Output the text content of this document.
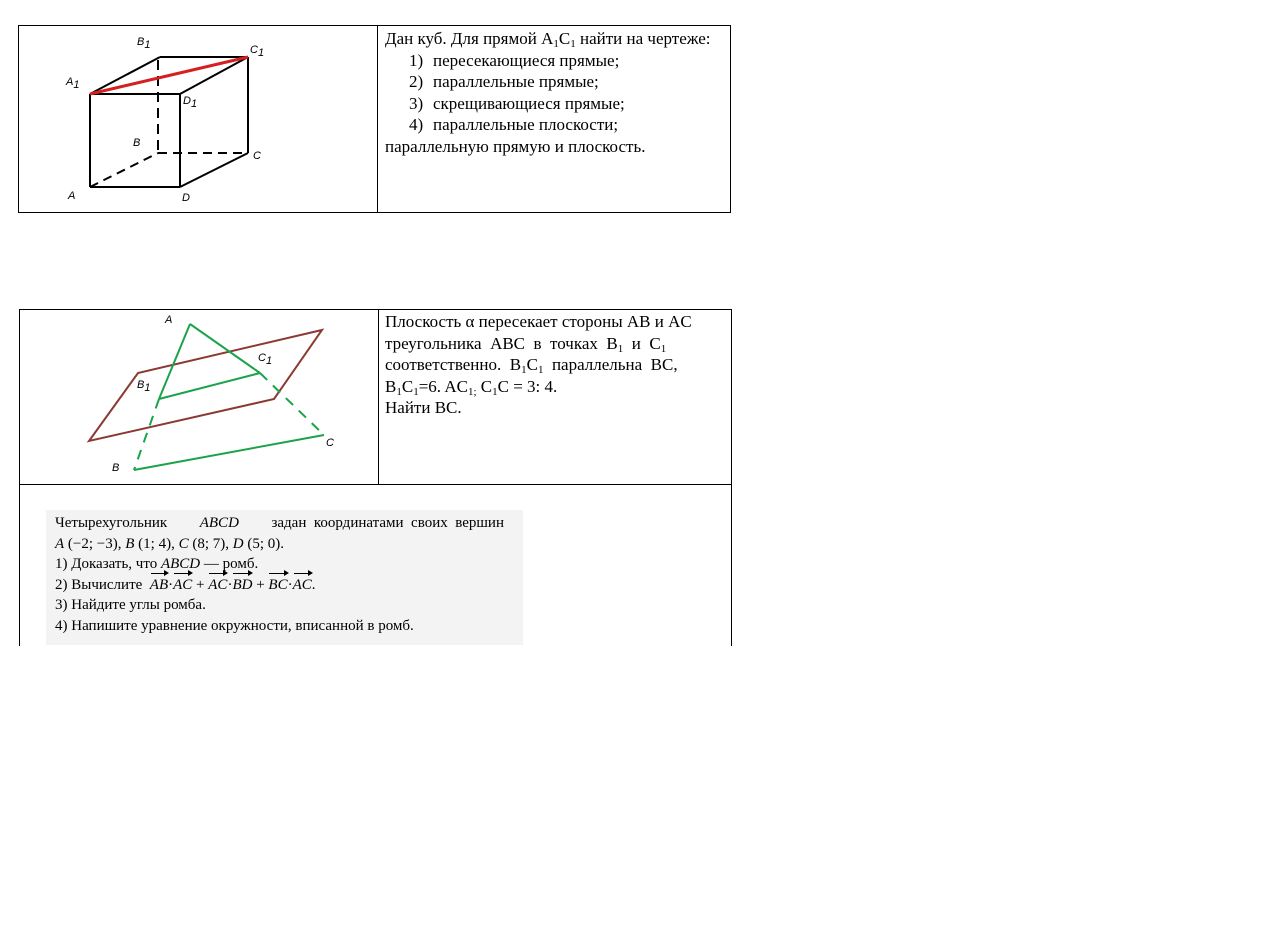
$B_1$	$C_1$
$A_1$
$D_1$
B
C
A	D
Дан куб. Для прямой $A_1C_1$ найти на чертеже:
1) пересекающиеся прямые;
2) параллельные прямые;
3) скрещивающиеся прямые;
4) параллельные плоскости;
параллельную прямую и плоскость.
A
$C_1$
$B_1$
C
B
Плоскость α пересекает стороны AB и AC
треугольника  ABC  в  точках  $B_1$  и  $C_1$
соответственно.  $B_1C_1$  параллельна  BC,
$B_1C_1=6$. $AC_{1;}$ $C_1C = 3$: 4.
Найти BC.
Четырехугольник ABCD задан  координатами  своих  вершин
A (−2; −3), B (1; 4), C (8; 7), D (5; 0).
1) Доказать, что ABCD — ромб.
2) Вычислите AB·AC + AC·BD + BC·AC.
3) Найдите углы ромба.
4) Напишите уравнение окружности, вписанной в ромб.
